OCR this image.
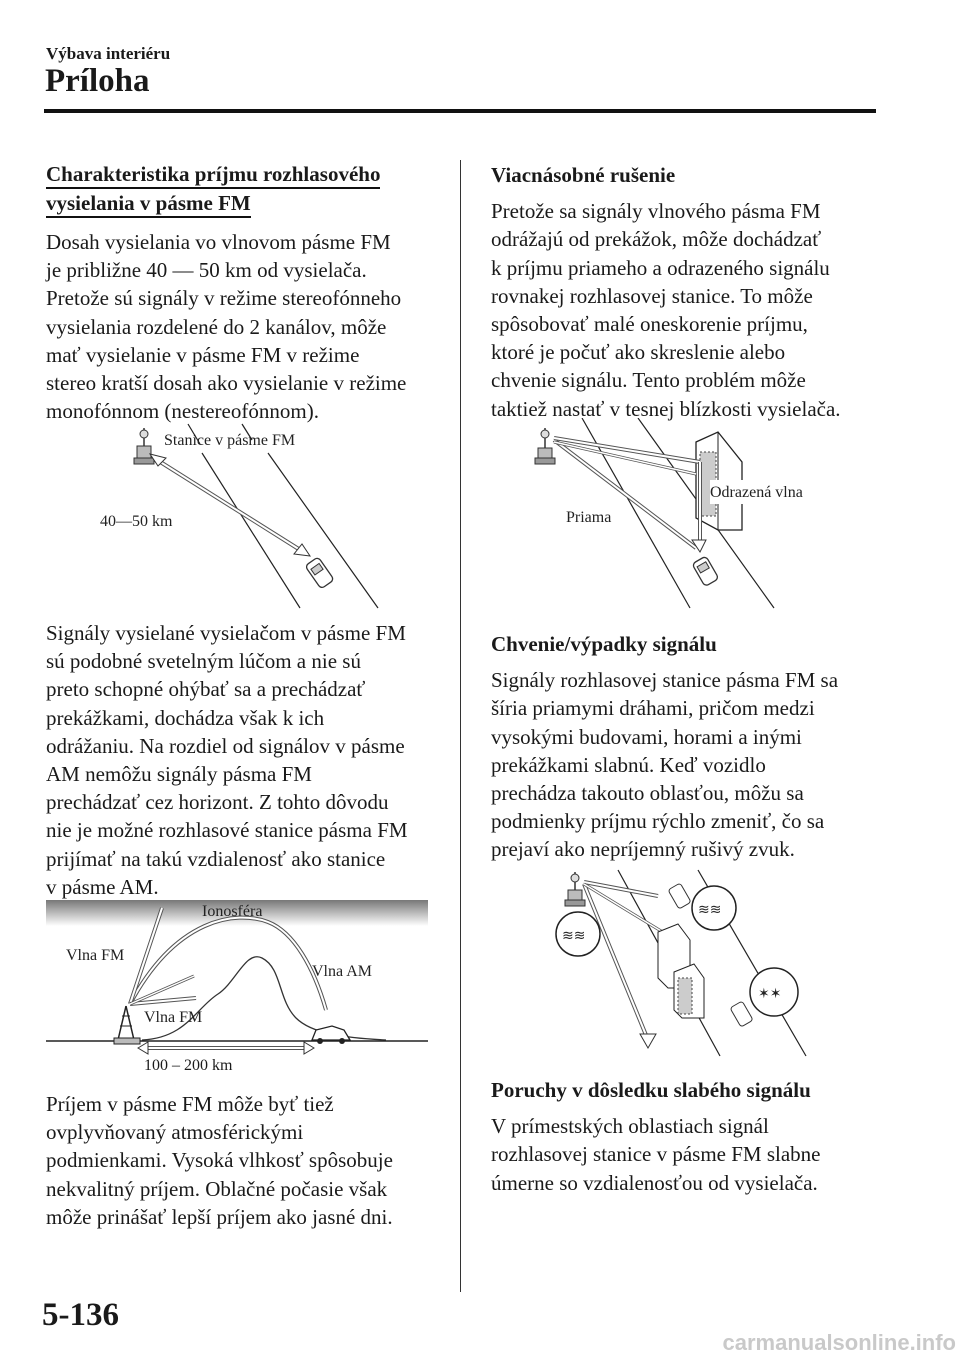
Výbava interiéru
Príloha
Charakteristika príjmu rozhlasového
vysielania v pásme FM

Dosah vysielania vo vlnovom pásme FM

je približne 40 ― 50 km od vysielača.

Pretože sú signály v režime stereofónneho

vysielania rozdelené do 2 kanálov, môže

mať vysielanie v pásme FM v režime

stereo kratší dosah ako vysielanie v režime

monofónnom (nestereofónnom).

Stanice v pásme FM
40―50 km

Signály vysielané vysielačom v pásme FM

sú podobné svetelným lúčom a nie sú

preto schopné ohýbať sa a prechádzať

prekážkami, dochádza však k ich

odrážaniu. Na rozdiel od signálov v pásme

AM nemôžu signály pásma FM

prechádzať cez horizont. Z tohto dôvodu

nie je možné rozhlasové stanice pásma FM

prijímať na takú vzdialenosť ako stanice

v pásme AM.

Ionosféra
Vlna FM
Vlna AM
Vlna FM
100 – 200 km

Príjem v pásme FM môže byť tiež

ovplyvňovaný atmosférickými

podmienkami. Vysoká vlhkosť spôsobuje

nekvalitný príjem. Oblačné počasie však

môže prinášať lepší príjem ako jasné dni.

Viacnásobné rušenie

Pretože sa signály vlnového pásma FM

odrážajú od prekážok, môže dochádzať

k príjmu priameho a odrazeného signálu

rovnakej rozhlasovej stanice. To môže

spôsobovať malé oneskorenie príjmu,

ktoré je počuť ako skreslenie alebo

chvenie signálu. Tento problém môže

taktiež nastať v tesnej blízkosti vysielača.

Odrazená vlna
Priama

Chvenie/výpadky signálu

Signály rozhlasovej stanice pásma FM sa

šíria priamymi dráhami, pričom medzi

vysokými budovami, horami a inými

prekážkami slabnú. Keď vozidlo

prechádza takouto oblasťou, môžu sa

podmienky príjmu rýchlo zmeniť, čo sa

prejaví ako nepríjemný rušivý zvuk.

≋≋
≋≋
✶✶

Poruchy v dôsledku slabého signálu

V prímestských oblastiach signál

rozhlasovej stanice v pásme FM slabne

úmerne so vzdialenosťou od vysielača.

5-136
carmanualsonline.info
